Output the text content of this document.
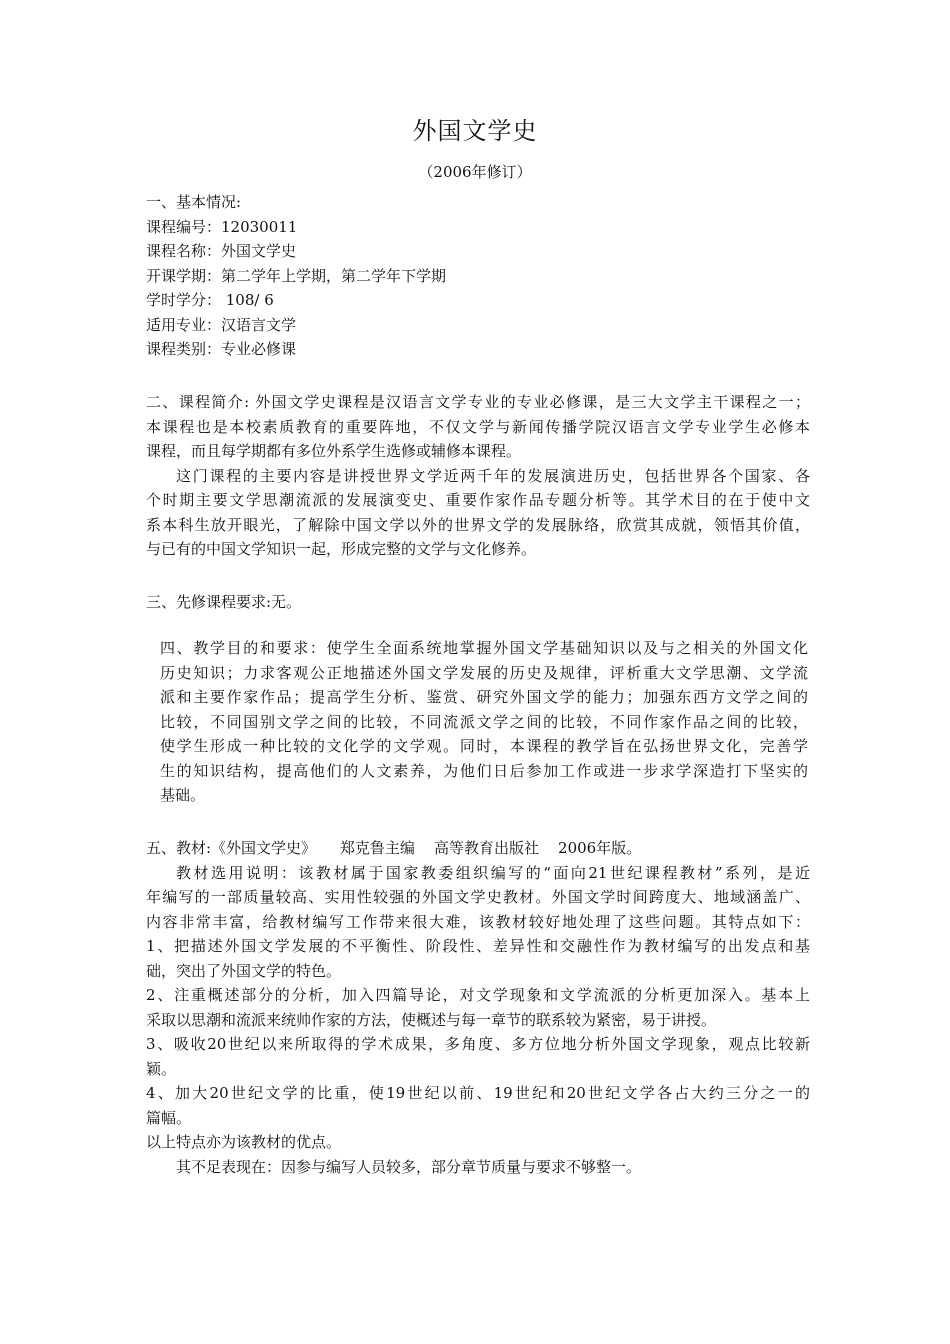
外国文学史
（2006年修订）
一、基本情况:
课程编号：12030011
课程名称：外国文学史
开课学期：第二学年上学期，第二学年下学期
学时学分： 108/ 6
适用专业：汉语言文学
课程类别：专业必修课
二、课程简介: 外国文学史课程是汉语言文学专业的专业必修课，是三大文学主干课程之一；
本课程也是本校素质教育的重要阵地，不仅文学与新闻传播学院汉语言文学专业学生必修本
课程，而且每学期都有多位外系学生选修或辅修本课程。
这门课程的主要内容是讲授世界文学近两千年的发展演进历史，包括世界各个国家、各
个时期主要文学思潮流派的发展演变史、重要作家作品专题分析等。其学术目的在于使中文
系本科生放开眼光，了解除中国文学以外的世界文学的发展脉络，欣赏其成就，领悟其价值，
与已有的中国文学知识一起，形成完整的文学与文化修养。
三、先修课程要求:无。
四、教学目的和要求：使学生全面系统地掌握外国文学基础知识以及与之相关的外国文化
历史知识；力求客观公正地描述外国文学发展的历史及规律，评析重大文学思潮、文学流
派和主要作家作品；提高学生分析、鉴赏、研究外国文学的能力；加强东西方文学之间的
比较，不同国别文学之间的比较，不同流派文学之间的比较，不同作家作品之间的比较，
使学生形成一种比较的文化学的文学观。同时，本课程的教学旨在弘扬世界文化，完善学
生的知识结构，提高他们的人文素养，为他们日后参加工作或进一步求学深造打下坚实的
基础。
五、教材:《外国文学史》     郑克鲁主编    高等教育出版社    2006年版。
教材选用说明：该教材属于国家教委组织编写的“面向21世纪课程教材”系列，是近
年编写的一部质量较高、实用性较强的外国文学史教材。外国文学时间跨度大、地域涵盖广、
内容非常丰富，给教材编写工作带来很大难，该教材较好地处理了这些问题。其特点如下：
1、把描述外国文学发展的不平衡性、阶段性、差异性和交融性作为教材编写的出发点和基
础，突出了外国文学的特色。
2、注重概述部分的分析，加入四篇导论，对文学现象和文学流派的分析更加深入。基本上
采取以思潮和流派来统帅作家的方法，使概述与每一章节的联系较为紧密，易于讲授。
3、吸收20世纪以来所取得的学术成果，多角度、多方位地分析外国文学现象，观点比较新
颖。
4、加大20世纪文学的比重，使19世纪以前、19世纪和20世纪文学各占大约三分之一的
篇幅。
以上特点亦为该教材的优点。
其不足表现在：因参与编写人员较多，部分章节质量与要求不够整一。
